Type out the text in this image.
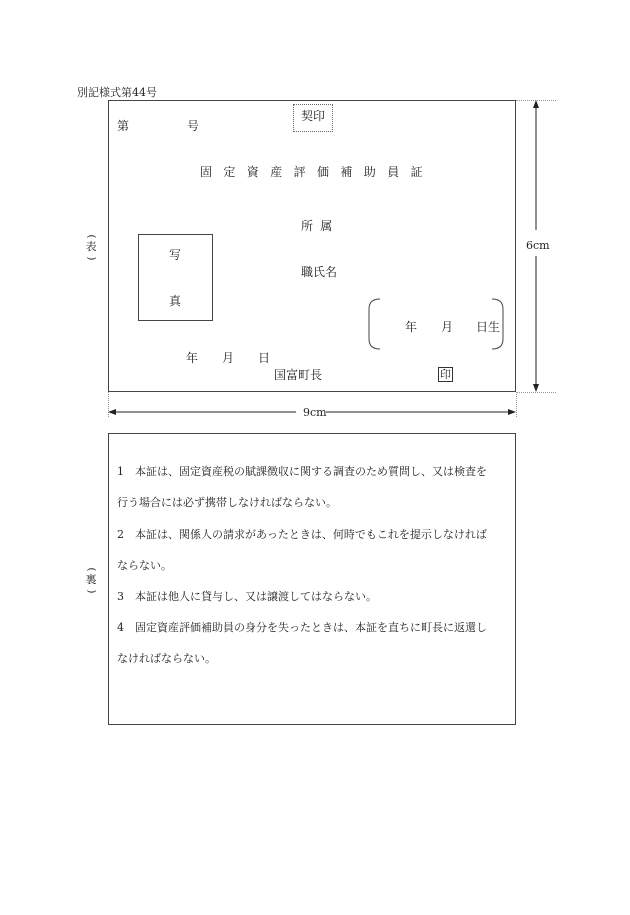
別記様式第44号
(
表
)
第	号
契印
固定資産評価補助員証
所属
職氏名
写
真
年 月 日生
年 月 日
国富町長	印
6cm
9cm
(
裏
)
1　 本証は、固定資産税の賦課徴収に関する調査のため質問し、又は検査を
行う場合には必ず携帯しなければならない。
2　 本証は、関係人の請求があったときは、何時でもこれを提示しなければ
ならない。
3　 本証は他人に貸与し、又は譲渡してはならない。
4　 固定資産評価補助員の身分を失ったときは、本証を直ちに町長に返還し
なければならない。
